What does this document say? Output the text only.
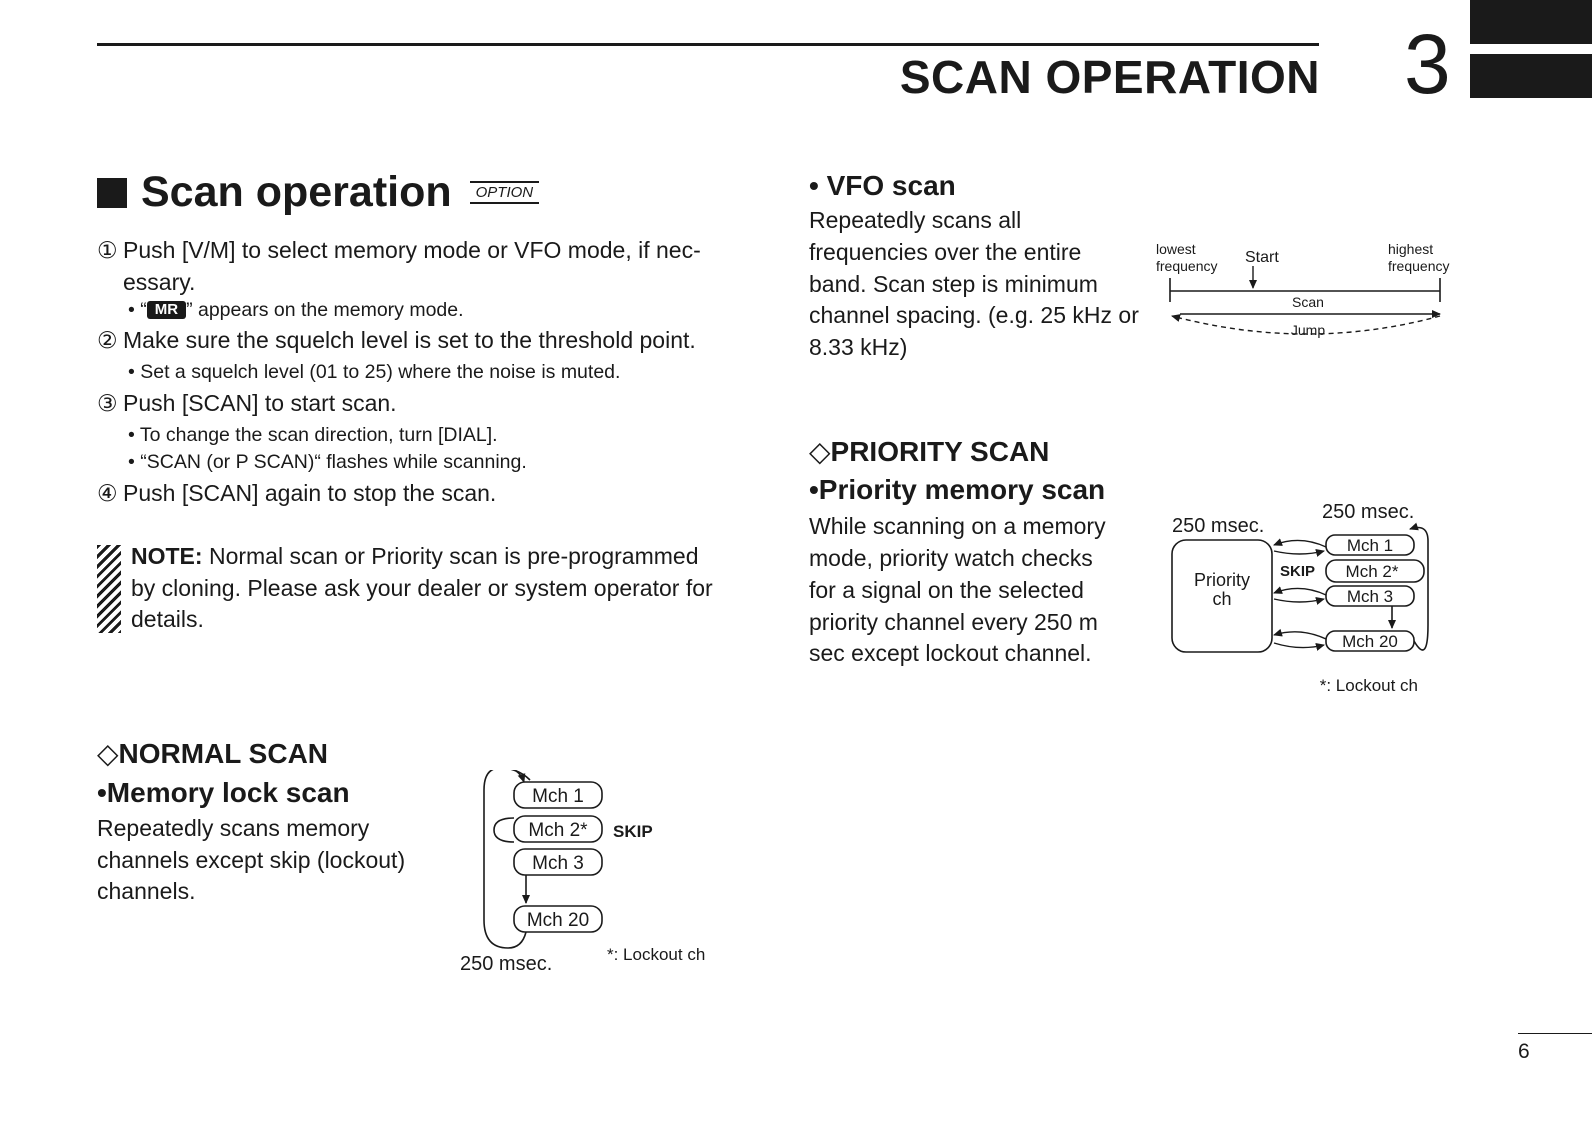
SCAN OPERATION 3
Scan operation	OPTION
① Push [V/M] to select memory mode or VFO mode, if nec-
essary.
• “ MR ” appears on the memory mode.
② Make sure the squelch level is set to the threshold point.
• Set a squelch level (01 to 25) where the noise is muted.
③ Push [SCAN] to start scan.
• To change the scan direction, turn [DIAL].
• “SCAN (or P SCAN)“ flashes while scanning.
④ Push [SCAN] again to stop the scan.
NOTE: Normal scan or Priority scan is pre-programmed
by cloning. Please ask your dealer or system operator for
details.
◇NORMAL SCAN
•Memory lock scan
Repeatedly scans memory
channels except skip (lockout)
channels.
Mch 1
Mch 2* SKIP
Mch 3
Mch 20
250 msec.	*: Lockout ch
• VFO scan
Repeatedly scans all
frequencies over the entire
band. Scan step is minimum
channel spacing. (e.g. 25 kHz or
8.33 kHz)
lowest
frequency Start	highest
frequency
Scan
Jump
◇PRIORITY SCAN
•Priority memory scan
While scanning on a memory
mode, priority watch checks
for a signal on the selected
priority channel every 250 m
sec except lockout channel.
250 msec.
250 msec.
Priority
ch
Mch 1
Mch 2*
SKIP
Mch 3
Mch 20
*: Lockout ch
6
